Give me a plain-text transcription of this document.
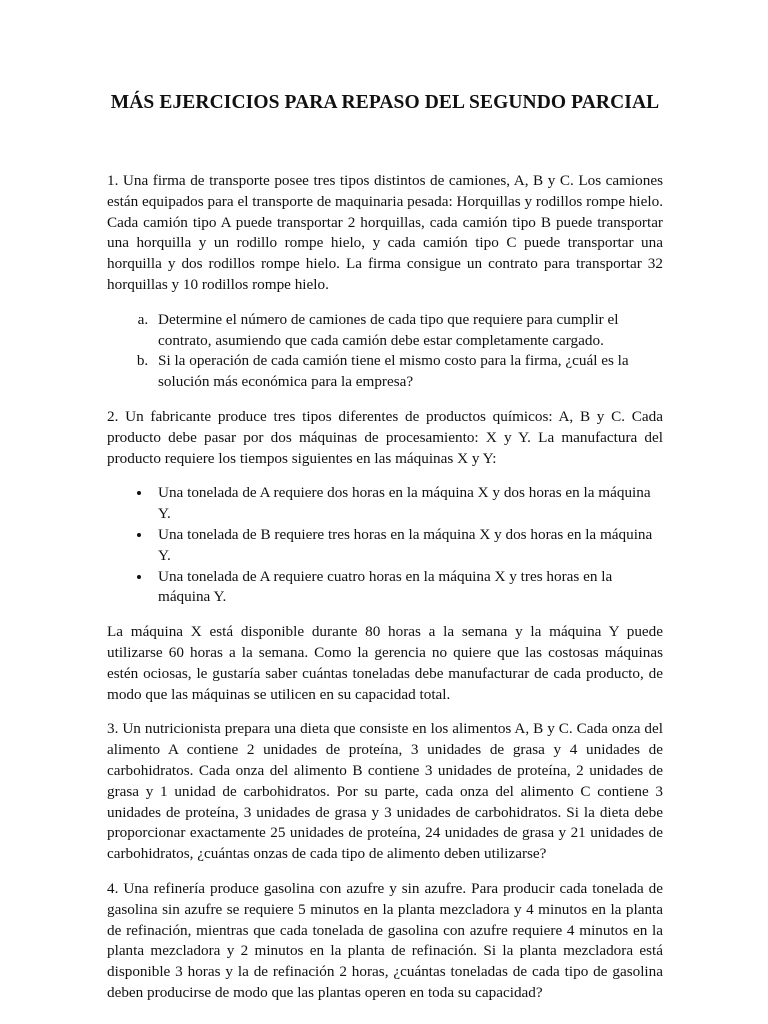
MÁS EJERCICIOS PARA REPASO DEL SEGUNDO PARCIAL

1. Una firma de transporte posee tres tipos distintos de camiones, A, B y C. Los camiones están equipados para el transporte de maquinaria pesada: Horquillas y rodillos rompe hielo. Cada camión tipo A puede transportar 2 horquillas, cada camión tipo B puede transportar una horquilla y un rodillo rompe hielo, y cada camión tipo C puede transportar una horquilla y dos rodillos rompe hielo. La firma consigue un contrato para transportar 32 horquillas y 10 rodillos rompe hielo.

a. Determine el número de camiones de cada tipo que requiere para cumplir el contrato, asumiendo que cada camión debe estar completamente cargado.
b. Si la operación de cada camión tiene el mismo costo para la firma, ¿cuál es la solución más económica para la empresa?

2. Un fabricante produce tres tipos diferentes de productos químicos: A, B y C. Cada producto debe pasar por dos máquinas de procesamiento: X y Y. La manufactura del producto requiere los tiempos siguientes en las máquinas X y Y:

• Una tonelada de A requiere dos horas en la máquina X y dos horas en la máquina Y.
• Una tonelada de B requiere tres horas en la máquina X y dos horas en la máquina Y.
• Una tonelada de A requiere cuatro horas en la máquina X y tres horas en la máquina Y.

La máquina X está disponible durante 80 horas a la semana y la máquina Y puede utilizarse 60 horas a la semana. Como la gerencia no quiere que las costosas máquinas estén ociosas, le gustaría saber cuántas toneladas debe manufacturar de cada producto, de modo que las máquinas se utilicen en su capacidad total.

3. Un nutricionista prepara una dieta que consiste en los alimentos A, B y C. Cada onza del alimento A contiene 2 unidades de proteína, 3 unidades de grasa y 4 unidades de carbohidratos. Cada onza del alimento B contiene 3 unidades de proteína, 2 unidades de grasa y 1 unidad de carbohidratos. Por su parte, cada onza del alimento C contiene 3 unidades de proteína, 3 unidades de grasa y 3 unidades de carbohidratos. Si la dieta debe proporcionar exactamente 25 unidades de proteína, 24 unidades de grasa y 21 unidades de carbohidratos, ¿cuántas onzas de cada tipo de alimento deben utilizarse?

4. Una refinería produce gasolina con azufre y sin azufre. Para producir cada tonelada de gasolina sin azufre se requiere 5 minutos en la planta mezcladora y 4 minutos en la planta de refinación, mientras que cada tonelada de gasolina con azufre requiere 4 minutos en la planta mezcladora y 2 minutos en la planta de refinación. Si la planta mezcladora está disponible 3 horas y la de refinación 2 horas, ¿cuántas toneladas de cada tipo de gasolina deben producirse de modo que las plantas operen en toda su capacidad?
